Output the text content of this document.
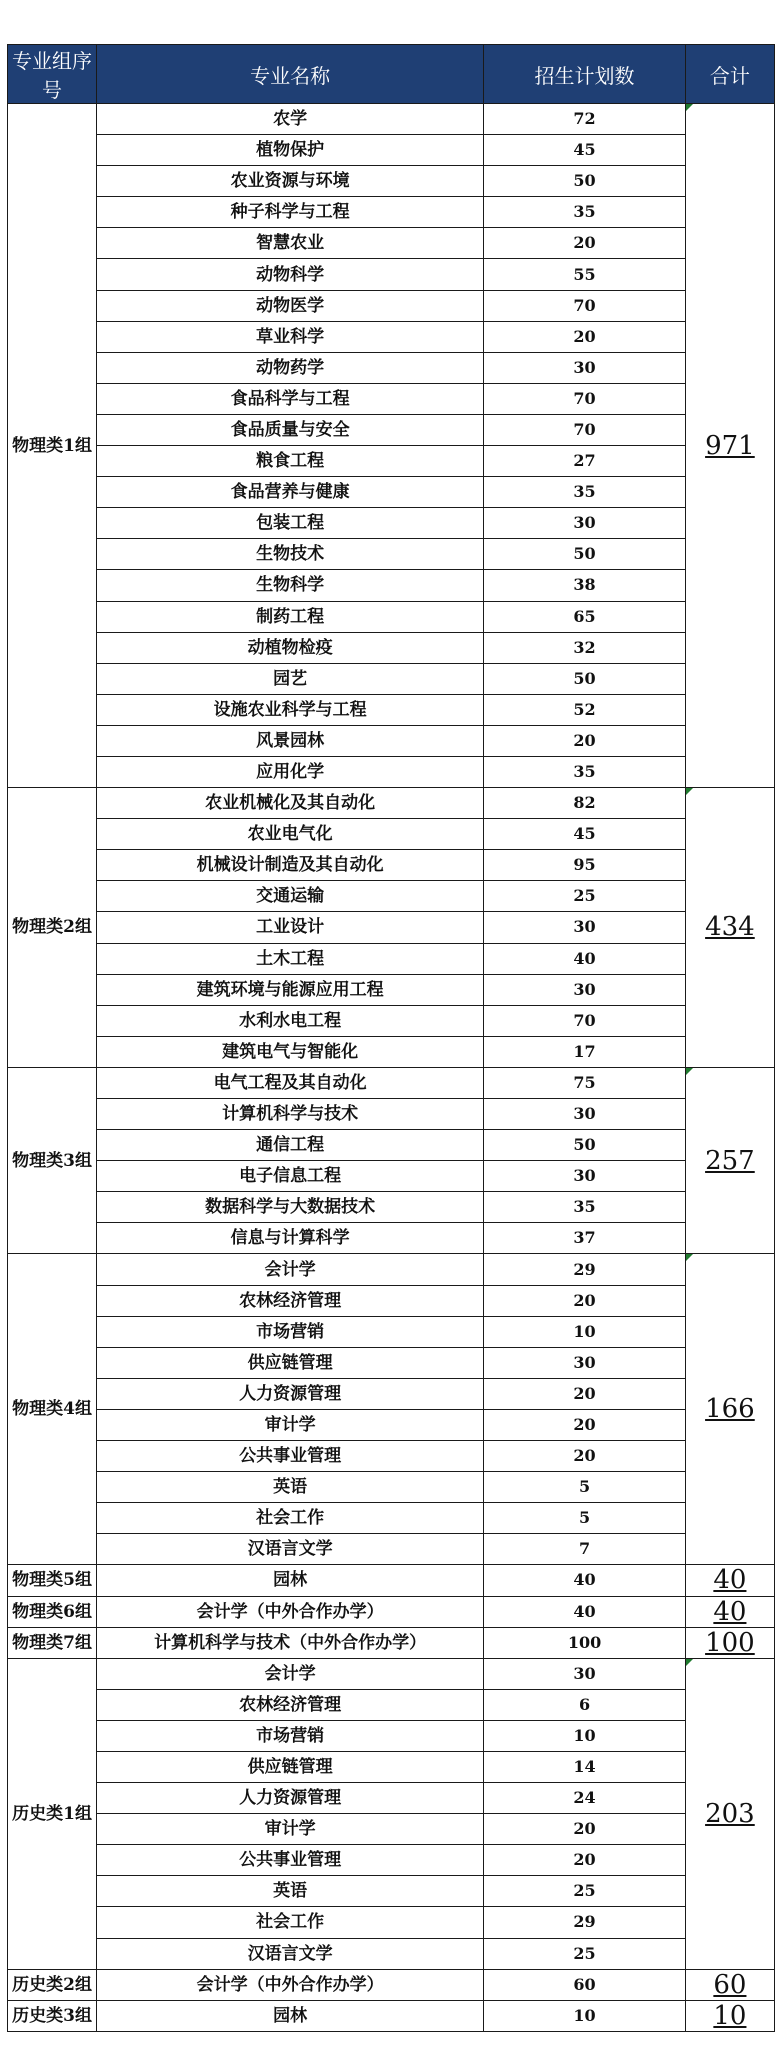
专业组序号	专业名称	招生计划数	合计
物理类1组	农学	72	971
	植物保护	45	
	农业资源与环境	50	
	种子科学与工程	35	
	智慧农业	20	
	动物科学	55	
	动物医学	70	
	草业科学	20	
	动物药学	30	
	食品科学与工程	70	
	食品质量与安全	70	
	粮食工程	27	
	食品营养与健康	35	
	包装工程	30	
	生物技术	50	
	生物科学	38	
	制药工程	65	
	动植物检疫	32	
	园艺	50	
	设施农业科学与工程	52	
	风景园林	20	
	应用化学	35	
物理类2组	农业机械化及其自动化	82	434
	农业电气化	45	
	机械设计制造及其自动化	95	
	交通运输	25	
	工业设计	30	
	土木工程	40	
	建筑环境与能源应用工程	30	
	水利水电工程	70	
	建筑电气与智能化	17	
物理类3组	电气工程及其自动化	75	257
	计算机科学与技术	30	
	通信工程	50	
	电子信息工程	30	
	数据科学与大数据技术	35	
	信息与计算科学	37	
物理类4组	会计学	29	166
	农林经济管理	20	
	市场营销	10	
	供应链管理	30	
	人力资源管理	20	
	审计学	20	
	公共事业管理	20	
	英语	5	
	社会工作	5	
	汉语言文学	7	
物理类5组	园林	40	40
物理类6组	会计学（中外合作办学）	40	40
物理类7组	计算机科学与技术（中外合作办学）	100	100
历史类1组	会计学	30	203
	农林经济管理	6	
	市场营销	10	
	供应链管理	14	
	人力资源管理	24	
	审计学	20	
	公共事业管理	20	
	英语	25	
	社会工作	29	
	汉语言文学	25	
历史类2组	会计学（中外合作办学）	60	60
历史类3组	园林	10	10
